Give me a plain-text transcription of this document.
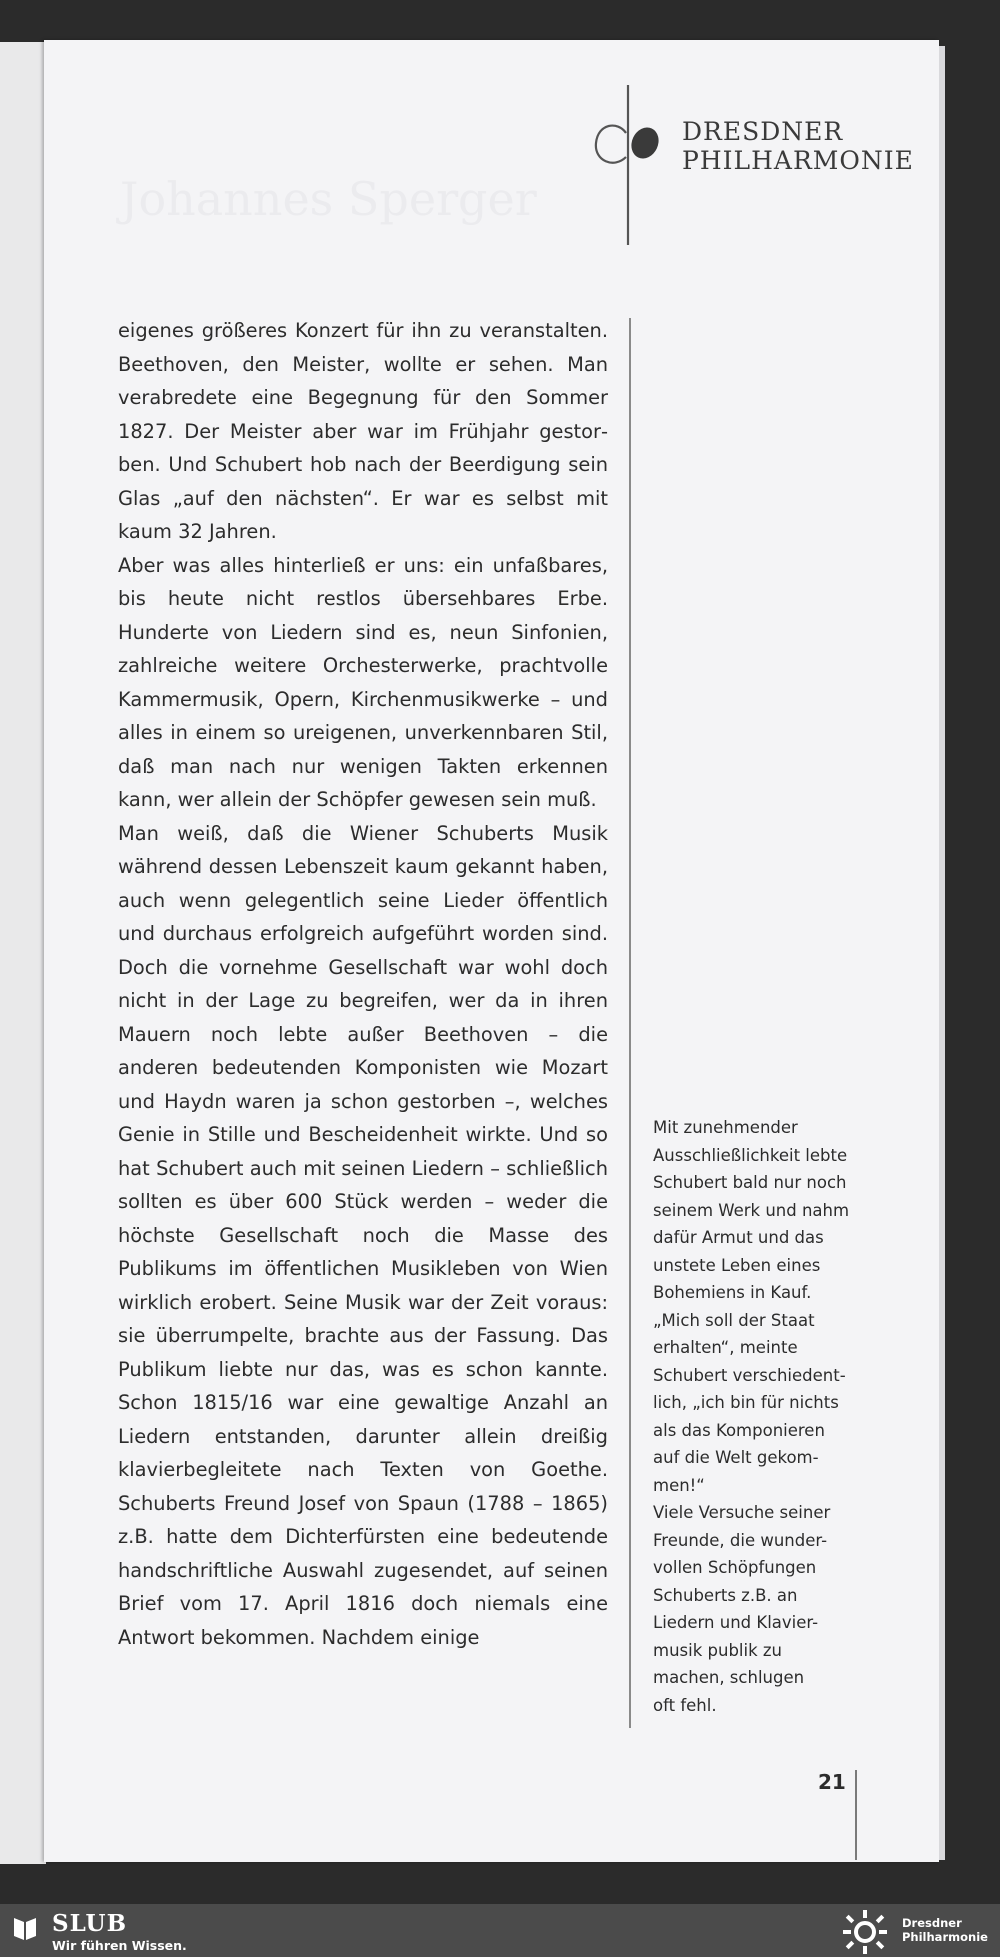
Johannes Sperger
DRESDNER
PHILHARMONIE

eigenes größeres Konzert für ihn zu veranstalten. Beethoven, den Meister, wollte er sehen. Man verabredete eine Begegnung für den Sommer 1827. Der Meister aber war im Frühjahr gestorben. Und Schubert hob nach der Beerdigung sein Glas „auf den nächsten“. Er war es selbst mit kaum 32 Jahren.

Aber was alles hinterließ er uns: ein unfaßbares, bis heute nicht restlos übersehbares Erbe. Hunderte von Liedern sind es, neun Sinfonien, zahlreiche weitere Orchesterwerke, prachtvolle Kammermusik, Opern, Kirchenmusikwerke – und alles in einem so ureigenen, unverkennbaren Stil, daß man nach nur wenigen Takten erkennen kann, wer allein der Schöpfer gewesen sein muß.

Man weiß, daß die Wiener Schuberts Musik während dessen Lebenszeit kaum gekannt haben, auch wenn gelegentlich seine Lieder öffentlich und durchaus erfolgreich aufgeführt worden sind. Doch die vornehme Gesellschaft war wohl doch nicht in der Lage zu begreifen, wer da in ihren Mauern noch lebte außer Beethoven – die anderen bedeutenden Komponisten wie Mozart und Haydn waren ja schon gestorben –, welches Genie in Stille und Bescheidenheit wirkte. Und so hat Schubert auch mit seinen Liedern – schließlich sollten es über 600 Stück werden – weder die höchste Gesellschaft noch die Masse des Publikums im öffentlichen Musikleben von Wien wirklich erobert. Seine Musik war der Zeit voraus: sie überrumpelte, brachte aus der Fassung. Das Publikum liebte nur das, was es schon kannte. Schon 1815/16 war eine gewaltige Anzahl an Liedern entstanden, darunter allein dreißig klavierbegleitete nach Texten von Goethe. Schuberts Freund Josef von Spaun (1788 – 1865) z.B. hatte dem Dichterfürsten eine bedeutende handschriftliche Auswahl zugesendet, auf seinen Brief vom 17. April 1816 doch niemals eine Antwort bekommen. Nachdem einige

Mit zunehmender
Ausschließlichkeit lebte
Schubert bald nur noch
seinem Werk und nahm
dafür Armut und das
unstete Leben eines
Bohemiens in Kauf.
„Mich soll der Staat
erhalten“, meinte
Schubert verschiedent-
lich, „ich bin für nichts
als das Komponieren
auf die Welt gekom-
men!“

Viele Versuche seiner
Freunde, die wunder-
vollen Schöpfungen
Schuberts z.B. an
Liedern und Klavier-
musik publik zu
machen, schlugen
oft fehl.

21
SLUB
Wir führen Wissen.
Dresdner
Philharmonie
